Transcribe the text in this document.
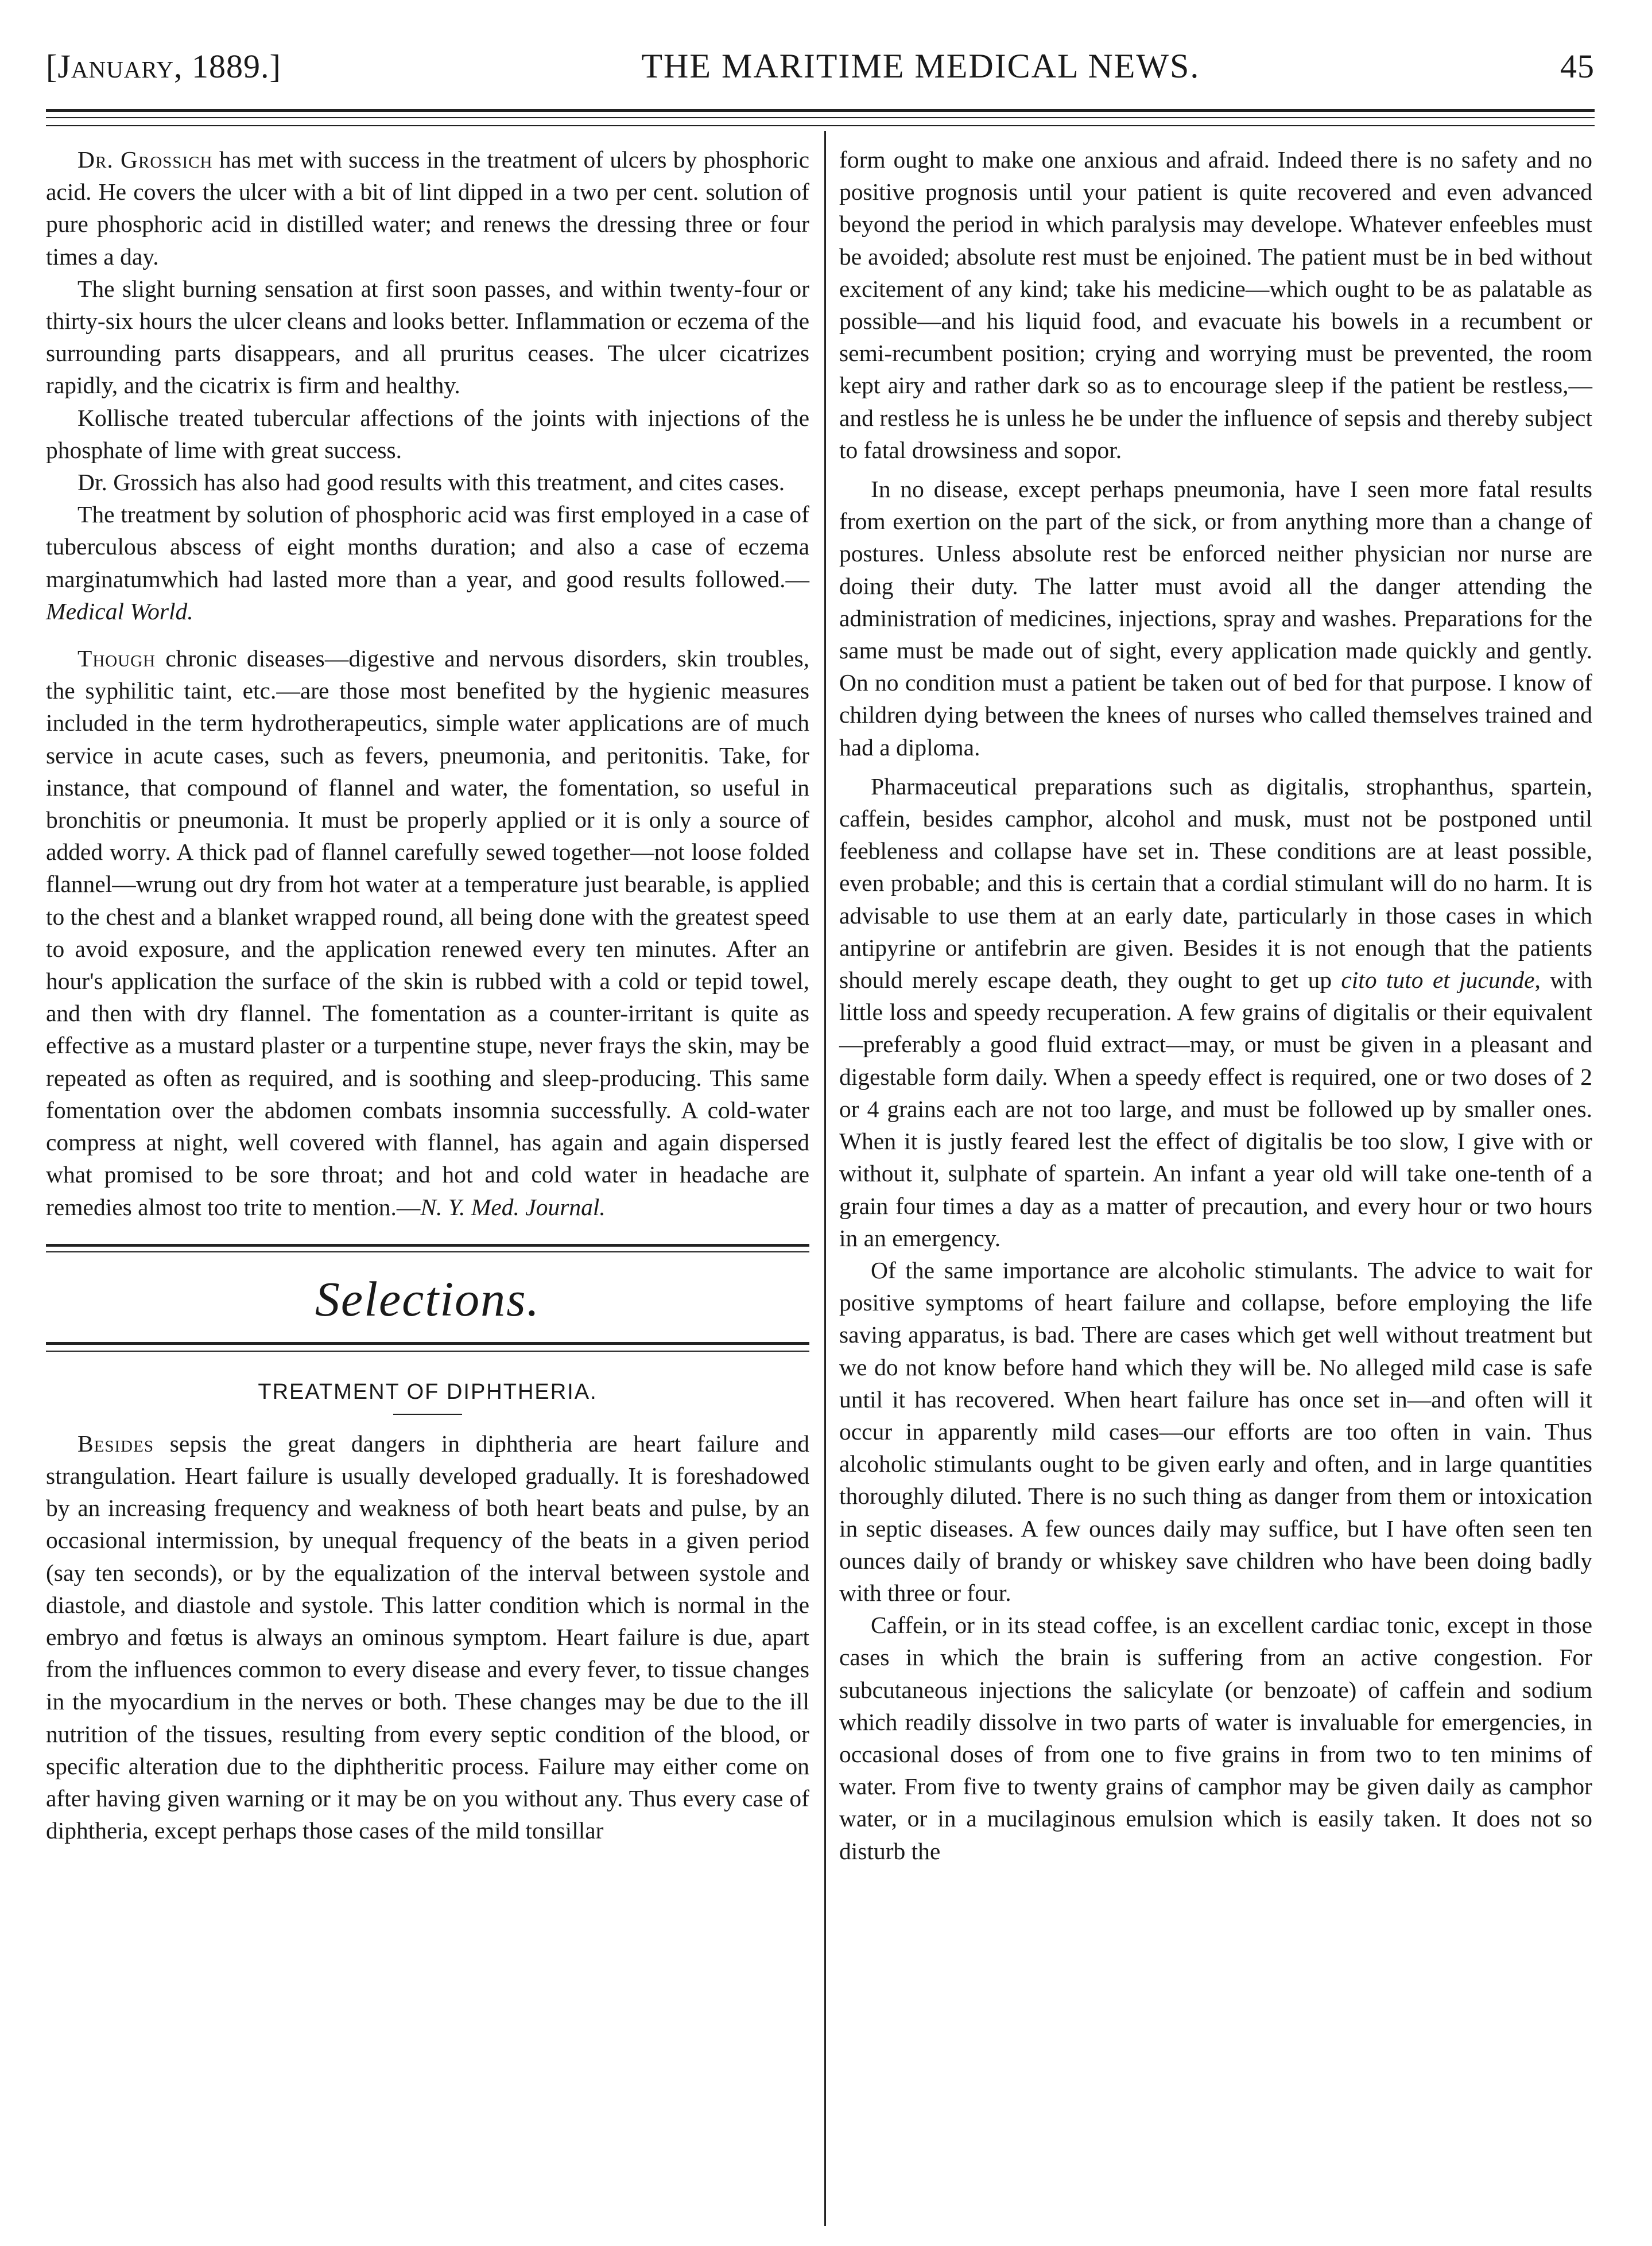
[January, 1889.]	THE MARITIME MEDICAL NEWS.	45

Dr. Grossich has met with success in the treatment of ulcers by phosphoric acid. He covers the ulcer with a bit of lint dipped in a two per cent. solution of pure phosphoric acid in distilled water; and renews the dressing three or four times a day.

The slight burning sensation at first soon passes, and within twenty-four or thirty-six hours the ulcer cleans and looks better. Inflammation or eczema of the surrounding parts disappears, and all pruritus ceases. The ulcer cicatrizes rapidly, and the cicatrix is firm and healthy.

Kollische treated tubercular affections of the joints with injections of the phosphate of lime with great success.

Dr. Grossich has also had good results with this treatment, and cites cases.

The treatment by solution of phosphoric acid was first employed in a case of tuberculous abscess of eight months duration; and also a case of eczema marginatumwhich had lasted more than a year, and good results followed.—Medical World.

Though chronic diseases—digestive and nervous disorders, skin troubles, the syphilitic taint, etc.—are those most benefited by the hygienic measures included in the term hydrotherapeutics, simple water applications are of much service in acute cases, such as fevers, pneumonia, and peritonitis. Take, for instance, that compound of flannel and water, the fomentation, so useful in bronchitis or pneumonia. It must be properly applied or it is only a source of added worry. A thick pad of flannel carefully sewed together—not loose folded flannel—wrung out dry from hot water at a temperature just bearable, is applied to the chest and a blanket wrapped round, all being done with the greatest speed to avoid exposure, and the application renewed every ten minutes. After an hour's application the surface of the skin is rubbed with a cold or tepid towel, and then with dry flannel. The fomentation as a counter-irritant is quite as effective as a mustard plaster or a turpentine stupe, never frays the skin, may be repeated as often as required, and is soothing and sleep-producing. This same fomentation over the abdomen combats insomnia successfully. A cold-water compress at night, well covered with flannel, has again and again dispersed what promised to be sore throat; and hot and cold water in headache are remedies almost too trite to mention.—N. Y. Med. Journal.

Selections.
TREATMENT OF DIPHTHERIA.

Besides sepsis the great dangers in diphtheria are heart failure and strangulation. Heart failure is usually developed gradually. It is foreshadowed by an increasing frequency and weakness of both heart beats and pulse, by an occasional intermission, by unequal frequency of the beats in a given period (say ten seconds), or by the equalization of the interval between systole and diastole, and diastole and systole. This latter condition which is normal in the embryo and fœtus is always an ominous symptom. Heart failure is due, apart from the influences common to every disease and every fever, to tissue changes in the myocardium in the nerves or both. These changes may be due to the ill nutrition of the tissues, resulting from every septic condition of the blood, or specific alteration due to the diphtheritic process. Failure may either come on after having given warning or it may be on you without any. Thus every case of diphtheria, except perhaps those cases of the mild tonsillar

form ought to make one anxious and afraid. Indeed there is no safety and no positive prognosis until your patient is quite recovered and even advanced beyond the period in which paralysis may develope. Whatever enfeebles must be avoided; absolute rest must be enjoined. The patient must be in bed without excitement of any kind; take his medicine—which ought to be as palatable as possible—and his liquid food, and evacuate his bowels in a recumbent or semi-recumbent position; crying and worrying must be prevented, the room kept airy and rather dark so as to encourage sleep if the patient be restless,—and restless he is unless he be under the influence of sepsis and thereby subject to fatal drowsiness and sopor.

In no disease, except perhaps pneumonia, have I seen more fatal results from exertion on the part of the sick, or from anything more than a change of postures. Unless absolute rest be enforced neither physician nor nurse are doing their duty. The latter must avoid all the danger attending the administration of medicines, injections, spray and washes. Preparations for the same must be made out of sight, every application made quickly and gently. On no condition must a patient be taken out of bed for that purpose. I know of children dying between the knees of nurses who called themselves trained and had a diploma.

Pharmaceutical preparations such as digitalis, strophanthus, spartein, caffein, besides camphor, alcohol and musk, must not be postponed until feebleness and collapse have set in. These conditions are at least possible, even probable; and this is certain that a cordial stimulant will do no harm. It is advisable to use them at an early date, particularly in those cases in which antipyrine or antifebrin are given. Besides it is not enough that the patients should merely escape death, they ought to get up cito tuto et jucunde, with little loss and speedy recuperation. A few grains of digitalis or their equivalent—preferably a good fluid extract—may, or must be given in a pleasant and digestable form daily. When a speedy effect is required, one or two doses of 2 or 4 grains each are not too large, and must be followed up by smaller ones. When it is justly feared lest the effect of digitalis be too slow, I give with or without it, sulphate of spartein. An infant a year old will take one-tenth of a grain four times a day as a matter of precaution, and every hour or two hours in an emergency.

Of the same importance are alcoholic stimulants. The advice to wait for positive symptoms of heart failure and collapse, before employing the life saving apparatus, is bad. There are cases which get well without treatment but we do not know before hand which they will be. No alleged mild case is safe until it has recovered. When heart failure has once set in—and often will it occur in apparently mild cases—our efforts are too often in vain. Thus alcoholic stimulants ought to be given early and often, and in large quantities thoroughly diluted. There is no such thing as danger from them or intoxication in septic diseases. A few ounces daily may suffice, but I have often seen ten ounces daily of brandy or whiskey save children who have been doing badly with three or four.

Caffein, or in its stead coffee, is an excellent cardiac tonic, except in those cases in which the brain is suffering from an active congestion. For subcutaneous injections the salicylate (or benzoate) of caffein and sodium which readily dissolve in two parts of water is invaluable for emergencies, in occasional doses of from one to five grains in from two to ten minims of water. From five to twenty grains of camphor may be given daily as camphor water, or in a mucilaginous emulsion which is easily taken. It does not so disturb the
